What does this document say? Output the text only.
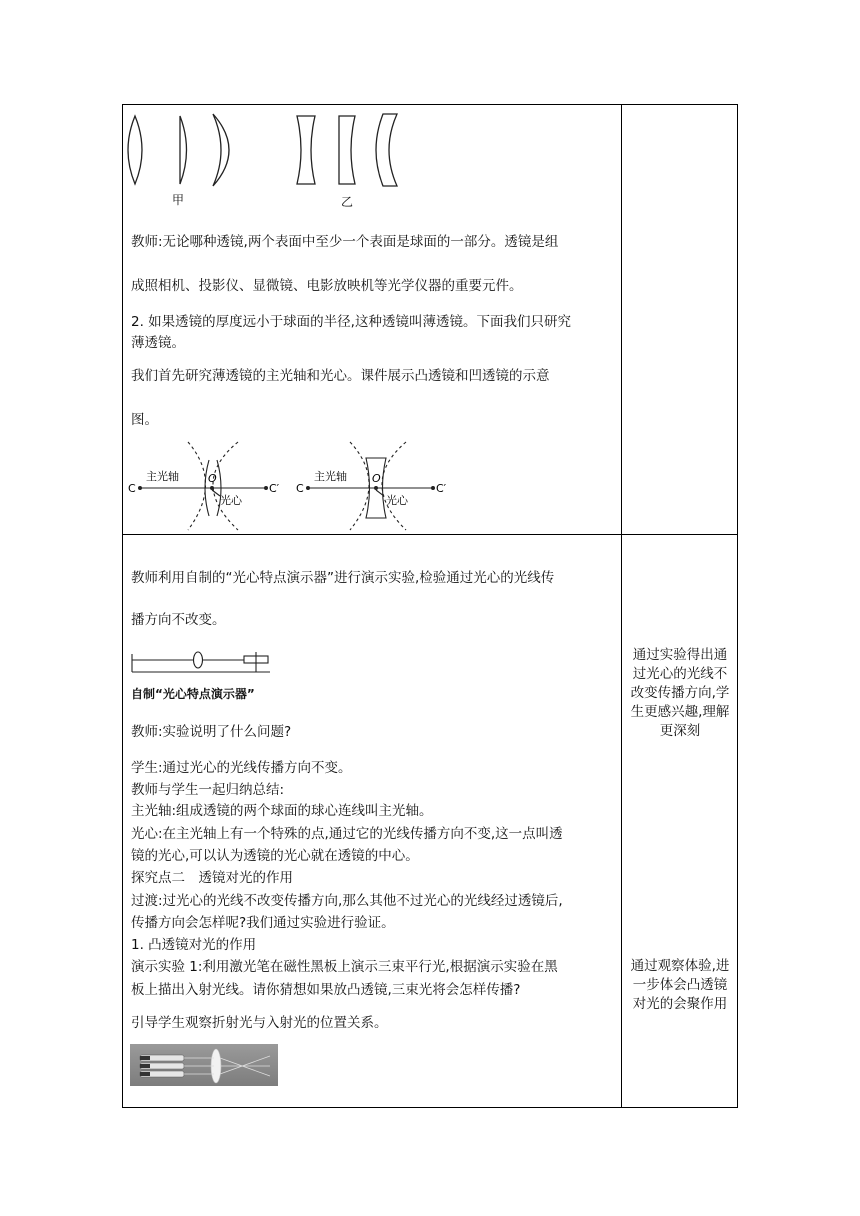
甲	乙
教师:无论哪种透镜,两个表面中至少一个表面是球面的一部分。透镜是组
成照相机、投影仪、显微镜、电影放映机等光学仪器的重要元件。
2. 如果透镜的厚度远小于球面的半径,这种透镜叫薄透镜。下面我们只研究
薄透镜。
我们首先研究薄透镜的主光轴和光心。课件展示凸透镜和凹透镜的示意
图。
C
主光轴	O
光心
C′ C
主光轴 O
光心
C′
教师利用自制的“光心特点演示器”进行演示实验,检验通过光心的光线传
播方向不改变。
自制“光心特点演示器”
教师:实验说明了什么问题?
学生:通过光心的光线传播方向不变。
教师与学生一起归纳总结:
主光轴:组成透镜的两个球面的球心连线叫主光轴。
光心:在主光轴上有一个特殊的点,通过它的光线传播方向不变,这一点叫透
镜的光心,可以认为透镜的光心就在透镜的中心。
探究点二　透镜对光的作用
过渡:过光心的光线不改变传播方向,那么其他不过光心的光线经过透镜后,
传播方向会怎样呢?我们通过实验进行验证。
1. 凸透镜对光的作用
演示实验 1:利用激光笔在磁性黑板上演示三束平行光,根据演示实验在黑
板上描出入射光线。请你猜想如果放凸透镜,三束光将会怎样传播?
引导学生观察折射光与入射光的位置关系。
通过实验得出通过光心的光线不改变传播方向,学生更感兴趣,理解更深刻
通过观察体验,进一步体会凸透镜对光的会聚作用
